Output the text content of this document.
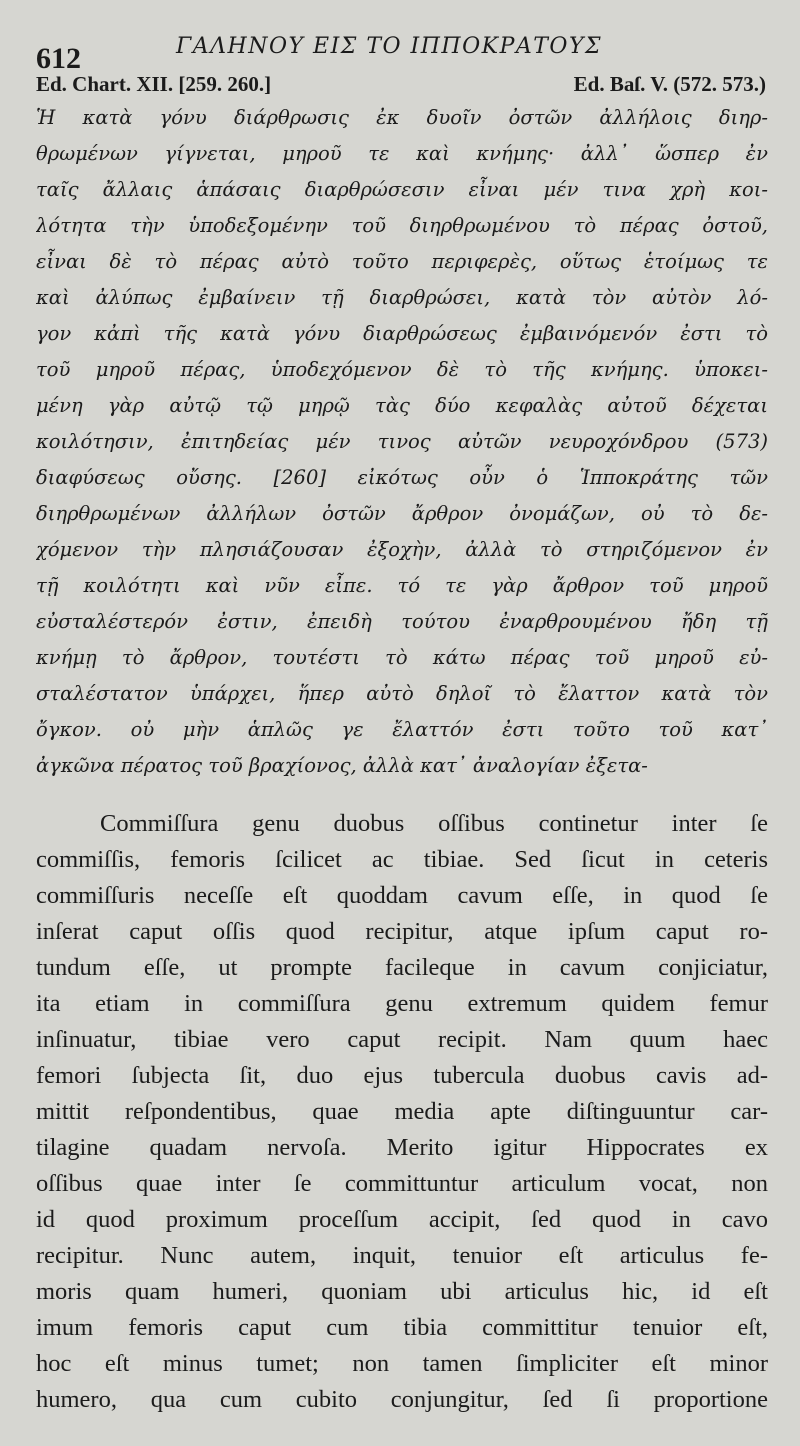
612	ΓΑΛΗΝΟΥ ΕΙΣ ΤΟ ΙΠΠΟΚΡΑΤΟΥΣ
Ed. Chart. XII. [259. 260.]	Ed. Baſ. V. (572. 573.)
Ἡ κατὰ γόνυ διάρθρωσις ἐκ δυοῖν ὀστῶν ἀλλήλοις διηρ-
θρωμένων γίγνεται, μηροῦ τε καὶ κνήμης· ἀλλ᾿ ὥσπερ ἐν
ταῖς ἄλλαις ἁπάσαις διαρθρώσεσιν εἶναι μέν τινα χρὴ κοι-
λότητα τὴν ὑποδεξομένην τοῦ διηρθρωμένου τὸ πέρας ὀστοῦ,
εἶναι δὲ τὸ πέρας αὐτὸ τοῦτο περιφερὲς, οὕτως ἑτοίμως τε
καὶ ἀλύπως ἐμβαίνειν τῇ διαρθρώσει, κατὰ τὸν αὐτὸν λό-
γον κἀπὶ τῆς κατὰ γόνυ διαρθρώσεως ἐμβαινόμενόν ἐστι τὸ
τοῦ μηροῦ πέρας, ὑποδεχόμενον δὲ τὸ τῆς κνήμης. ὑποκει-
μένη γὰρ αὐτῷ τῷ μηρῷ τὰς δύο κεφαλὰς αὐτοῦ δέχεται
κοιλότησιν, ἐπιτηδείας μέν τινος αὐτῶν νευροχόνδρου (573)
διαφύσεως οὔσης. [260] εἰκότως οὖν ὁ Ἱπποκράτης τῶν
διηρθρωμένων ἀλλήλων ὀστῶν ἄρθρον ὀνομάζων, οὐ τὸ δε-
χόμενον τὴν πλησιάζουσαν ἐξοχὴν, ἀλλὰ τὸ στηριζόμενον ἐν
τῇ κοιλότητι καὶ νῦν εἶπε. τό τε γὰρ ἄρθρον τοῦ μηροῦ
εὐσταλέστερόν ἐστιν, ἐπειδὴ τούτου ἐναρθρουμένου ἤδη τῇ
κνήμῃ τὸ ἄρθρον, τουτέστι τὸ κάτω πέρας τοῦ μηροῦ εὐ-
σταλέστατον ὑπάρχει, ἥπερ αὐτὸ δηλοῖ τὸ ἔλαττον κατὰ τὸν
ὄγκον. οὐ μὴν ἁπλῶς γε ἔλαττόν ἐστι τοῦτο τοῦ κατ᾿
ἀγκῶνα πέρατος τοῦ βραχίονος, ἀλλὰ κατ᾿ ἀναλογίαν ἐξετα-
Commiſſura genu duobus oſſibus continetur inter ſe
commiſſis, femoris ſcilicet ac tibiae. Sed ſicut in ceteris
commiſſuris neceſſe eſt quoddam cavum eſſe, in quod ſe
inſerat caput oſſis quod recipitur, atque ipſum caput ro-
tundum eſſe, ut prompte facileque in cavum conjiciatur,
ita etiam in commiſſura genu extremum quidem femur
inſinuatur, tibiae vero caput recipit. Nam quum haec
femori ſubjecta ſit, duo ejus tubercula duobus cavis ad-
mittit reſpondentibus, quae media apte diſtinguuntur car-
tilagine quadam nervoſa. Merito igitur Hippocrates ex
oſſibus quae inter ſe committuntur articulum vocat, non
id quod proximum proceſſum accipit, ſed quod in cavo
recipitur. Nunc autem, inquit, tenuior eſt articulus fe-
moris quam humeri, quoniam ubi articulus hic, id eſt
imum femoris caput cum tibia committitur tenuior eſt,
hoc eſt minus tumet; non tamen ſimpliciter eſt minor
humero, qua cum cubito conjungitur, ſed ſi proportione
